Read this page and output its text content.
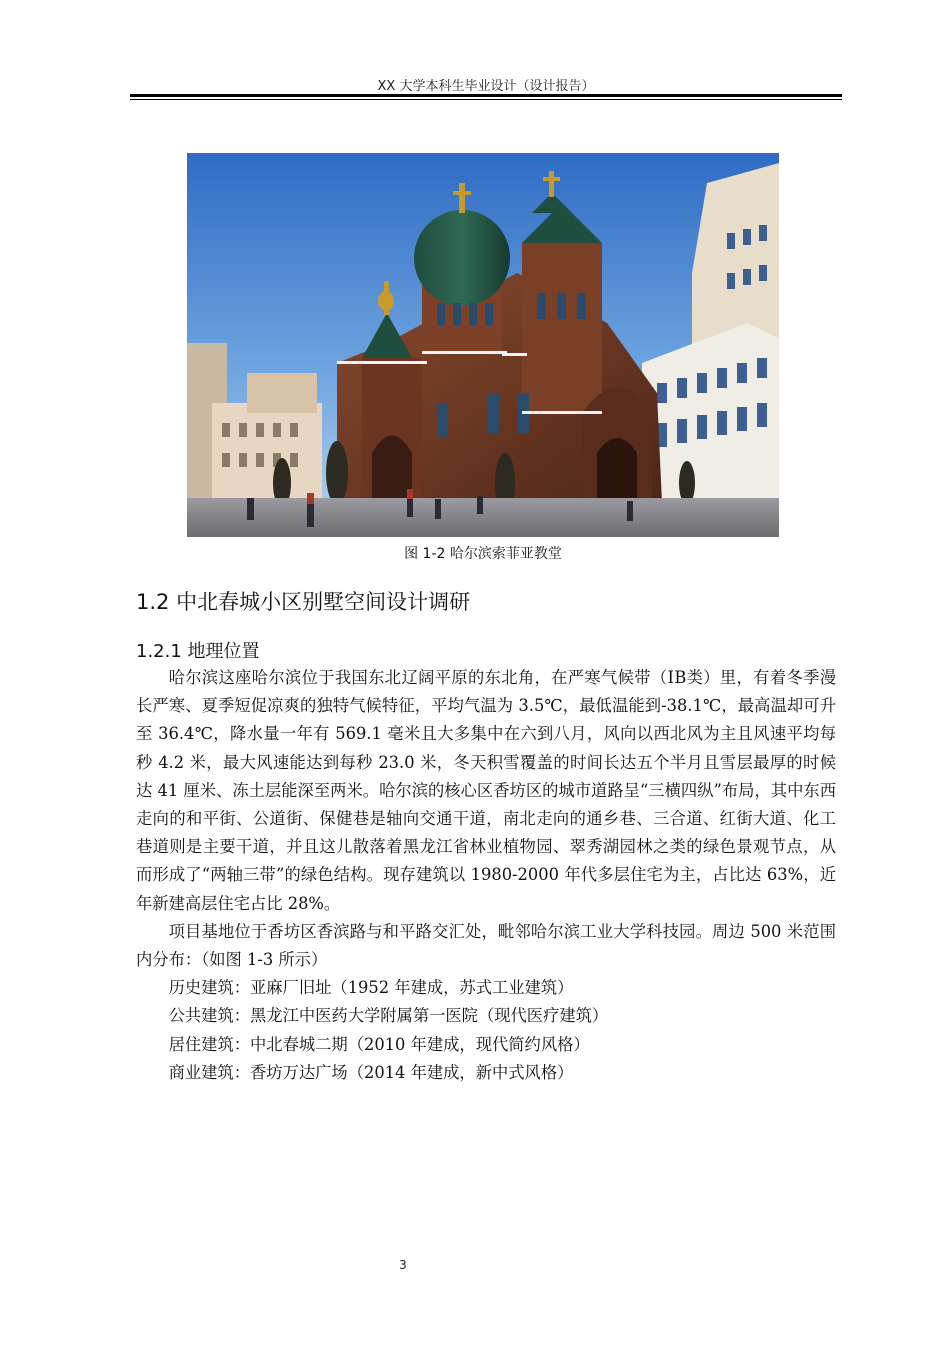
XX 大学本科生毕业设计（设计报告）
图 1-2 哈尔滨索菲亚教堂
1.2 中北春城小区别墅空间设计调研
1.2.1 地理位置

哈尔滨这座哈尔滨位于我国东北辽阔平原的东北角，在严寒气候带（ⅠB类）里，有着冬季漫长严寒、夏季短促凉爽的独特气候特征，平均气温为 3.5℃，最低温能到-38.1℃，最高温却可升至 36.4℃，降水量一年有 569.1 毫米且大多集中在六到八月，风向以西北风为主且风速平均每秒 4.2 米，最大风速能达到每秒 23.0 米，冬天积雪覆盖的时间长达五个半月且雪层最厚的时候达 41 厘米、冻土层能深至两米。哈尔滨的核心区香坊区的城市道路呈“三横四纵”布局，其中东西走向的和平街、公道街、保健巷是轴向交通干道，南北走向的通乡巷、三合道、红街大道、化工巷道则是主要干道，并且这儿散落着黑龙江省林业植物园、翠秀湖园林之类的绿色景观节点，从而形成了“两轴三带”的绿色结构。现存建筑以 1980-2000 年代多层住宅为主，占比达 63%，近年新建高层住宅占比 28%。

项目基地位于香坊区香滨路与和平路交汇处，毗邻哈尔滨工业大学科技园。周边 500 米范围内分布：（如图 1-3 所示）

历史建筑：亚麻厂旧址（1952 年建成，苏式工业建筑）

公共建筑：黑龙江中医药大学附属第一医院（现代医疗建筑）

居住建筑：中北春城二期（2010 年建成，现代简约风格）

商业建筑：香坊万达广场（2014 年建成，新中式风格）

3
